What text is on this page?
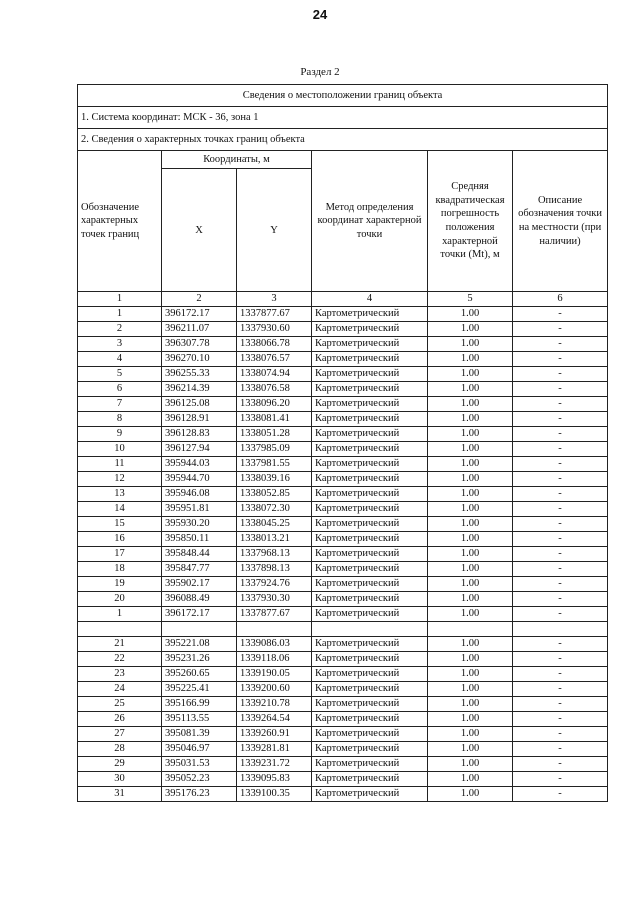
24
Раздел 2
Сведения о местоположении границ объекта					
1. Система координат: МСК - 36, зона 1					
2. Сведения о характерных точках границ объекта					
Обозначение характерных точек границ	Координаты, м		Метод определения координат характерной точки	Средняя квадратическая погрешность положения характерной точки (Mt), м	Описание обозначения точки на местности (при наличии)
	X	Y			
1	2	3	4	5	6
1	396172.17	1337877.67	Картометрический	1.00	-
2	396211.07	1337930.60	Картометрический	1.00	-
3	396307.78	1338066.78	Картометрический	1.00	-
4	396270.10	1338076.57	Картометрический	1.00	-
5	396255.33	1338074.94	Картометрический	1.00	-
6	396214.39	1338076.58	Картометрический	1.00	-
7	396125.08	1338096.20	Картометрический	1.00	-
8	396128.91	1338081.41	Картометрический	1.00	-
9	396128.83	1338051.28	Картометрический	1.00	-
10	396127.94	1337985.09	Картометрический	1.00	-
11	395944.03	1337981.55	Картометрический	1.00	-
12	395944.70	1338039.16	Картометрический	1.00	-
13	395946.08	1338052.85	Картометрический	1.00	-
14	395951.81	1338072.30	Картометрический	1.00	-
15	395930.20	1338045.25	Картометрический	1.00	-
16	395850.11	1338013.21	Картометрический	1.00	-
17	395848.44	1337968.13	Картометрический	1.00	-
18	395847.77	1337898.13	Картометрический	1.00	-
19	395902.17	1337924.76	Картометрический	1.00	-
20	396088.49	1337930.30	Картометрический	1.00	-
1	396172.17	1337877.67	Картометрический	1.00	-

21	395221.08	1339086.03	Картометрический	1.00	-
22	395231.26	1339118.06	Картометрический	1.00	-
23	395260.65	1339190.05	Картометрический	1.00	-
24	395225.41	1339200.60	Картометрический	1.00	-
25	395166.99	1339210.78	Картометрический	1.00	-
26	395113.55	1339264.54	Картометрический	1.00	-
27	395081.39	1339260.91	Картометрический	1.00	-
28	395046.97	1339281.81	Картометрический	1.00	-
29	395031.53	1339231.72	Картометрический	1.00	-
30	395052.23	1339095.83	Картометрический	1.00	-
31	395176.23	1339100.35	Картометрический	1.00	-
